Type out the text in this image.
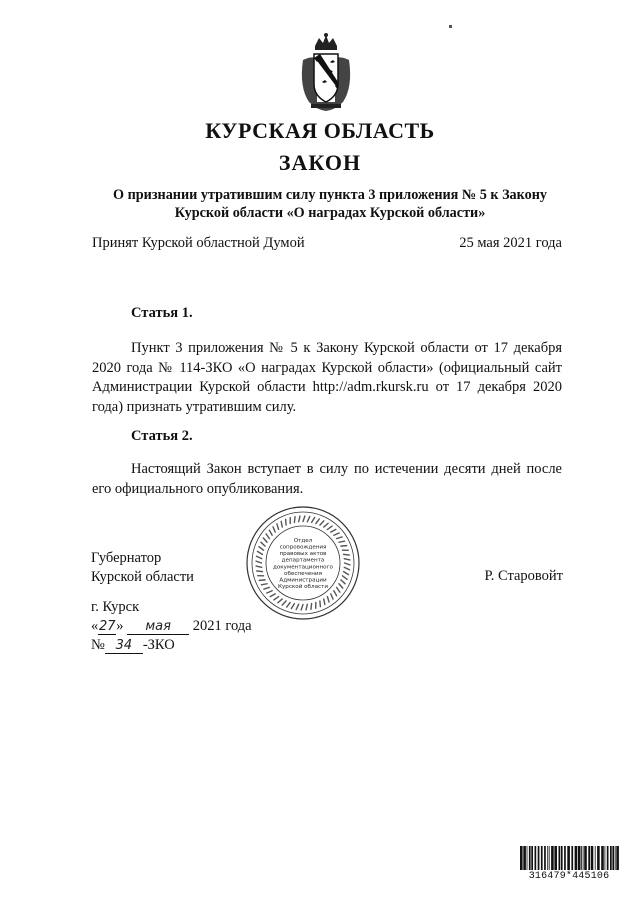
КУРСКАЯ ОБЛАСТЬ
ЗАКОН
О признании утратившим силу пункта 3 приложения № 5 к Закону Курской области «О наградах Курской области»
Принят Курской областной Думой	25 мая 2021 года
Статья 1.
Пункт 3 приложения № 5 к Закону Курской области от 17 декабря 2020 года № 114-ЗКО «О наградах Курской области» (официальный сайт Администрации Курской области http://adm.rkursk.ru от 17 декабря 2020 года) признать утратившим силу.
Статья 2.
Настоящий Закон вступает в силу по истечении десяти дней после его официального опубликования.
Губернатор
Курской области	Р. Старовойт
Отдел
сопровождения
правовых актов
департамента
документационного
обеспечения
Администрации
Курской области
г. Курск
«27» мая 2021 года
№ 34 -ЗКО
316479*445106
